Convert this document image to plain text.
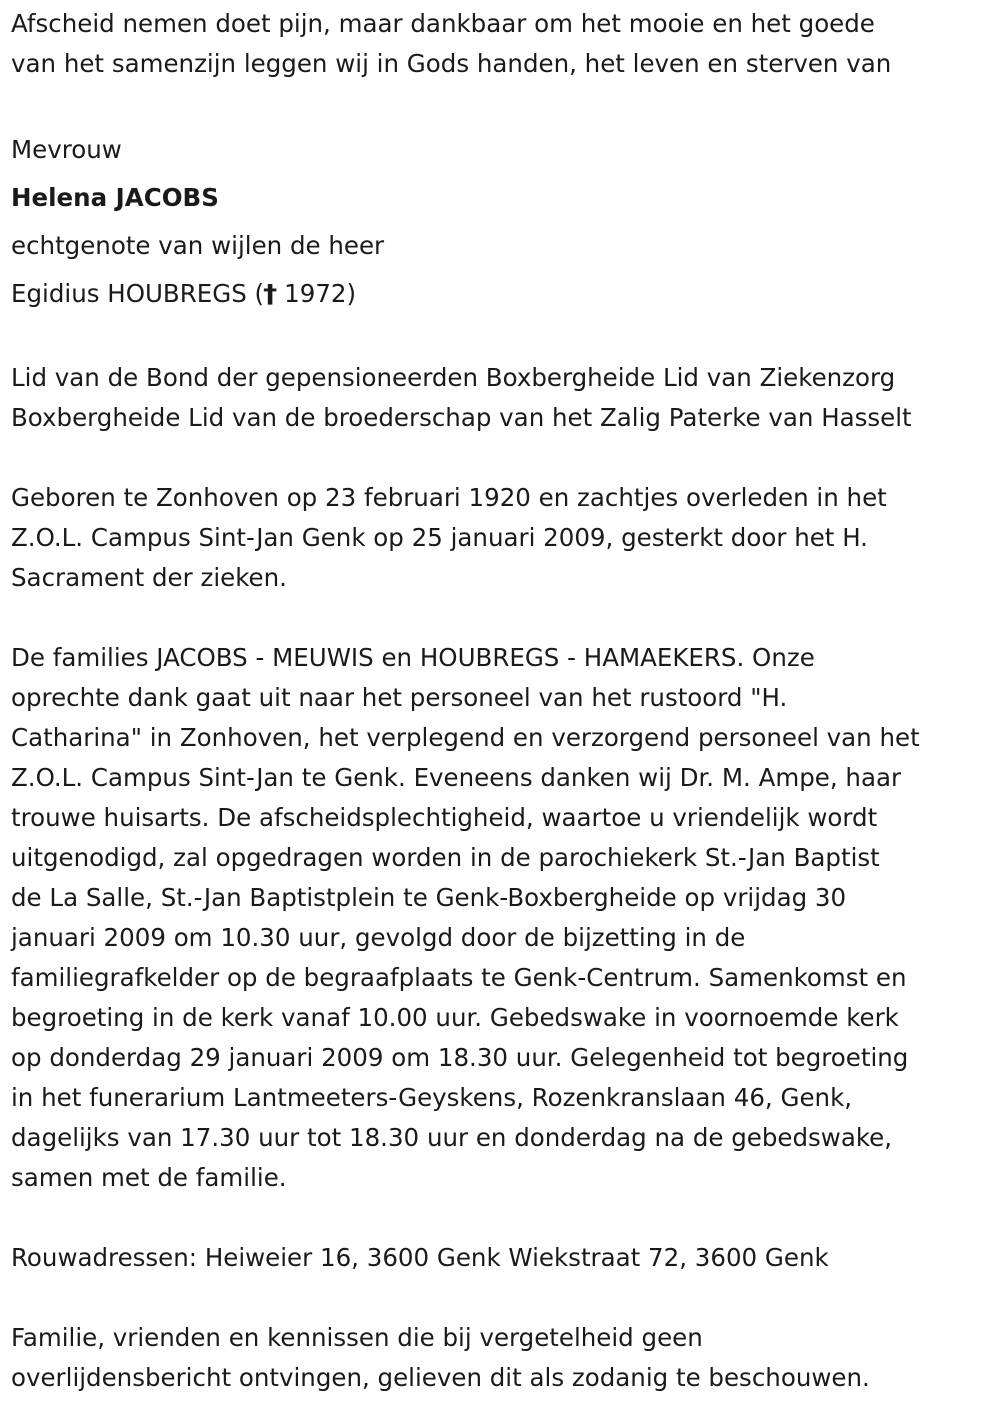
Afscheid nemen doet pijn, maar dankbaar om het mooie en het goede
van het samenzijn leggen wij in Gods handen, het leven en sterven van

Mevrouw
Helena JACOBS
echtgenote van wijlen de heer
Egidius HOUBREGS († 1972)

Lid van de Bond der gepensioneerden Boxbergheide Lid van Ziekenzorg
Boxbergheide Lid van de broederschap van het Zalig Paterke van Hasselt

Geboren te Zonhoven op 23 februari 1920 en zachtjes overleden in het
Z.O.L. Campus Sint-Jan Genk op 25 januari 2009, gesterkt door het H.
Sacrament der zieken.

De families JACOBS - MEUWIS en HOUBREGS - HAMAEKERS. Onze
oprechte dank gaat uit naar het personeel van het rustoord "H.
Catharina" in Zonhoven, het verplegend en verzorgend personeel van het
Z.O.L. Campus Sint-Jan te Genk. Eveneens danken wij Dr. M. Ampe, haar
trouwe huisarts. De afscheidsplechtigheid, waartoe u vriendelijk wordt
uitgenodigd, zal opgedragen worden in de parochiekerk St.-Jan Baptist
de La Salle, St.-Jan Baptistplein te Genk-Boxbergheide op vrijdag 30
januari 2009 om 10.30 uur, gevolgd door de bijzetting in de
familiegrafkelder op de begraafplaats te Genk-Centrum. Samenkomst en
begroeting in de kerk vanaf 10.00 uur. Gebedswake in voornoemde kerk
op donderdag 29 januari 2009 om 18.30 uur. Gelegenheid tot begroeting
in het funerarium Lantmeeters-Geyskens, Rozenkranslaan 46, Genk,
dagelijks van 17.30 uur tot 18.30 uur en donderdag na de gebedswake,
samen met de familie.

Rouwadressen: Heiweier 16, 3600 Genk Wiekstraat 72, 3600 Genk

Familie, vrienden en kennissen die bij vergetelheid geen
overlijdensbericht ontvingen, gelieven dit als zodanig te beschouwen.
